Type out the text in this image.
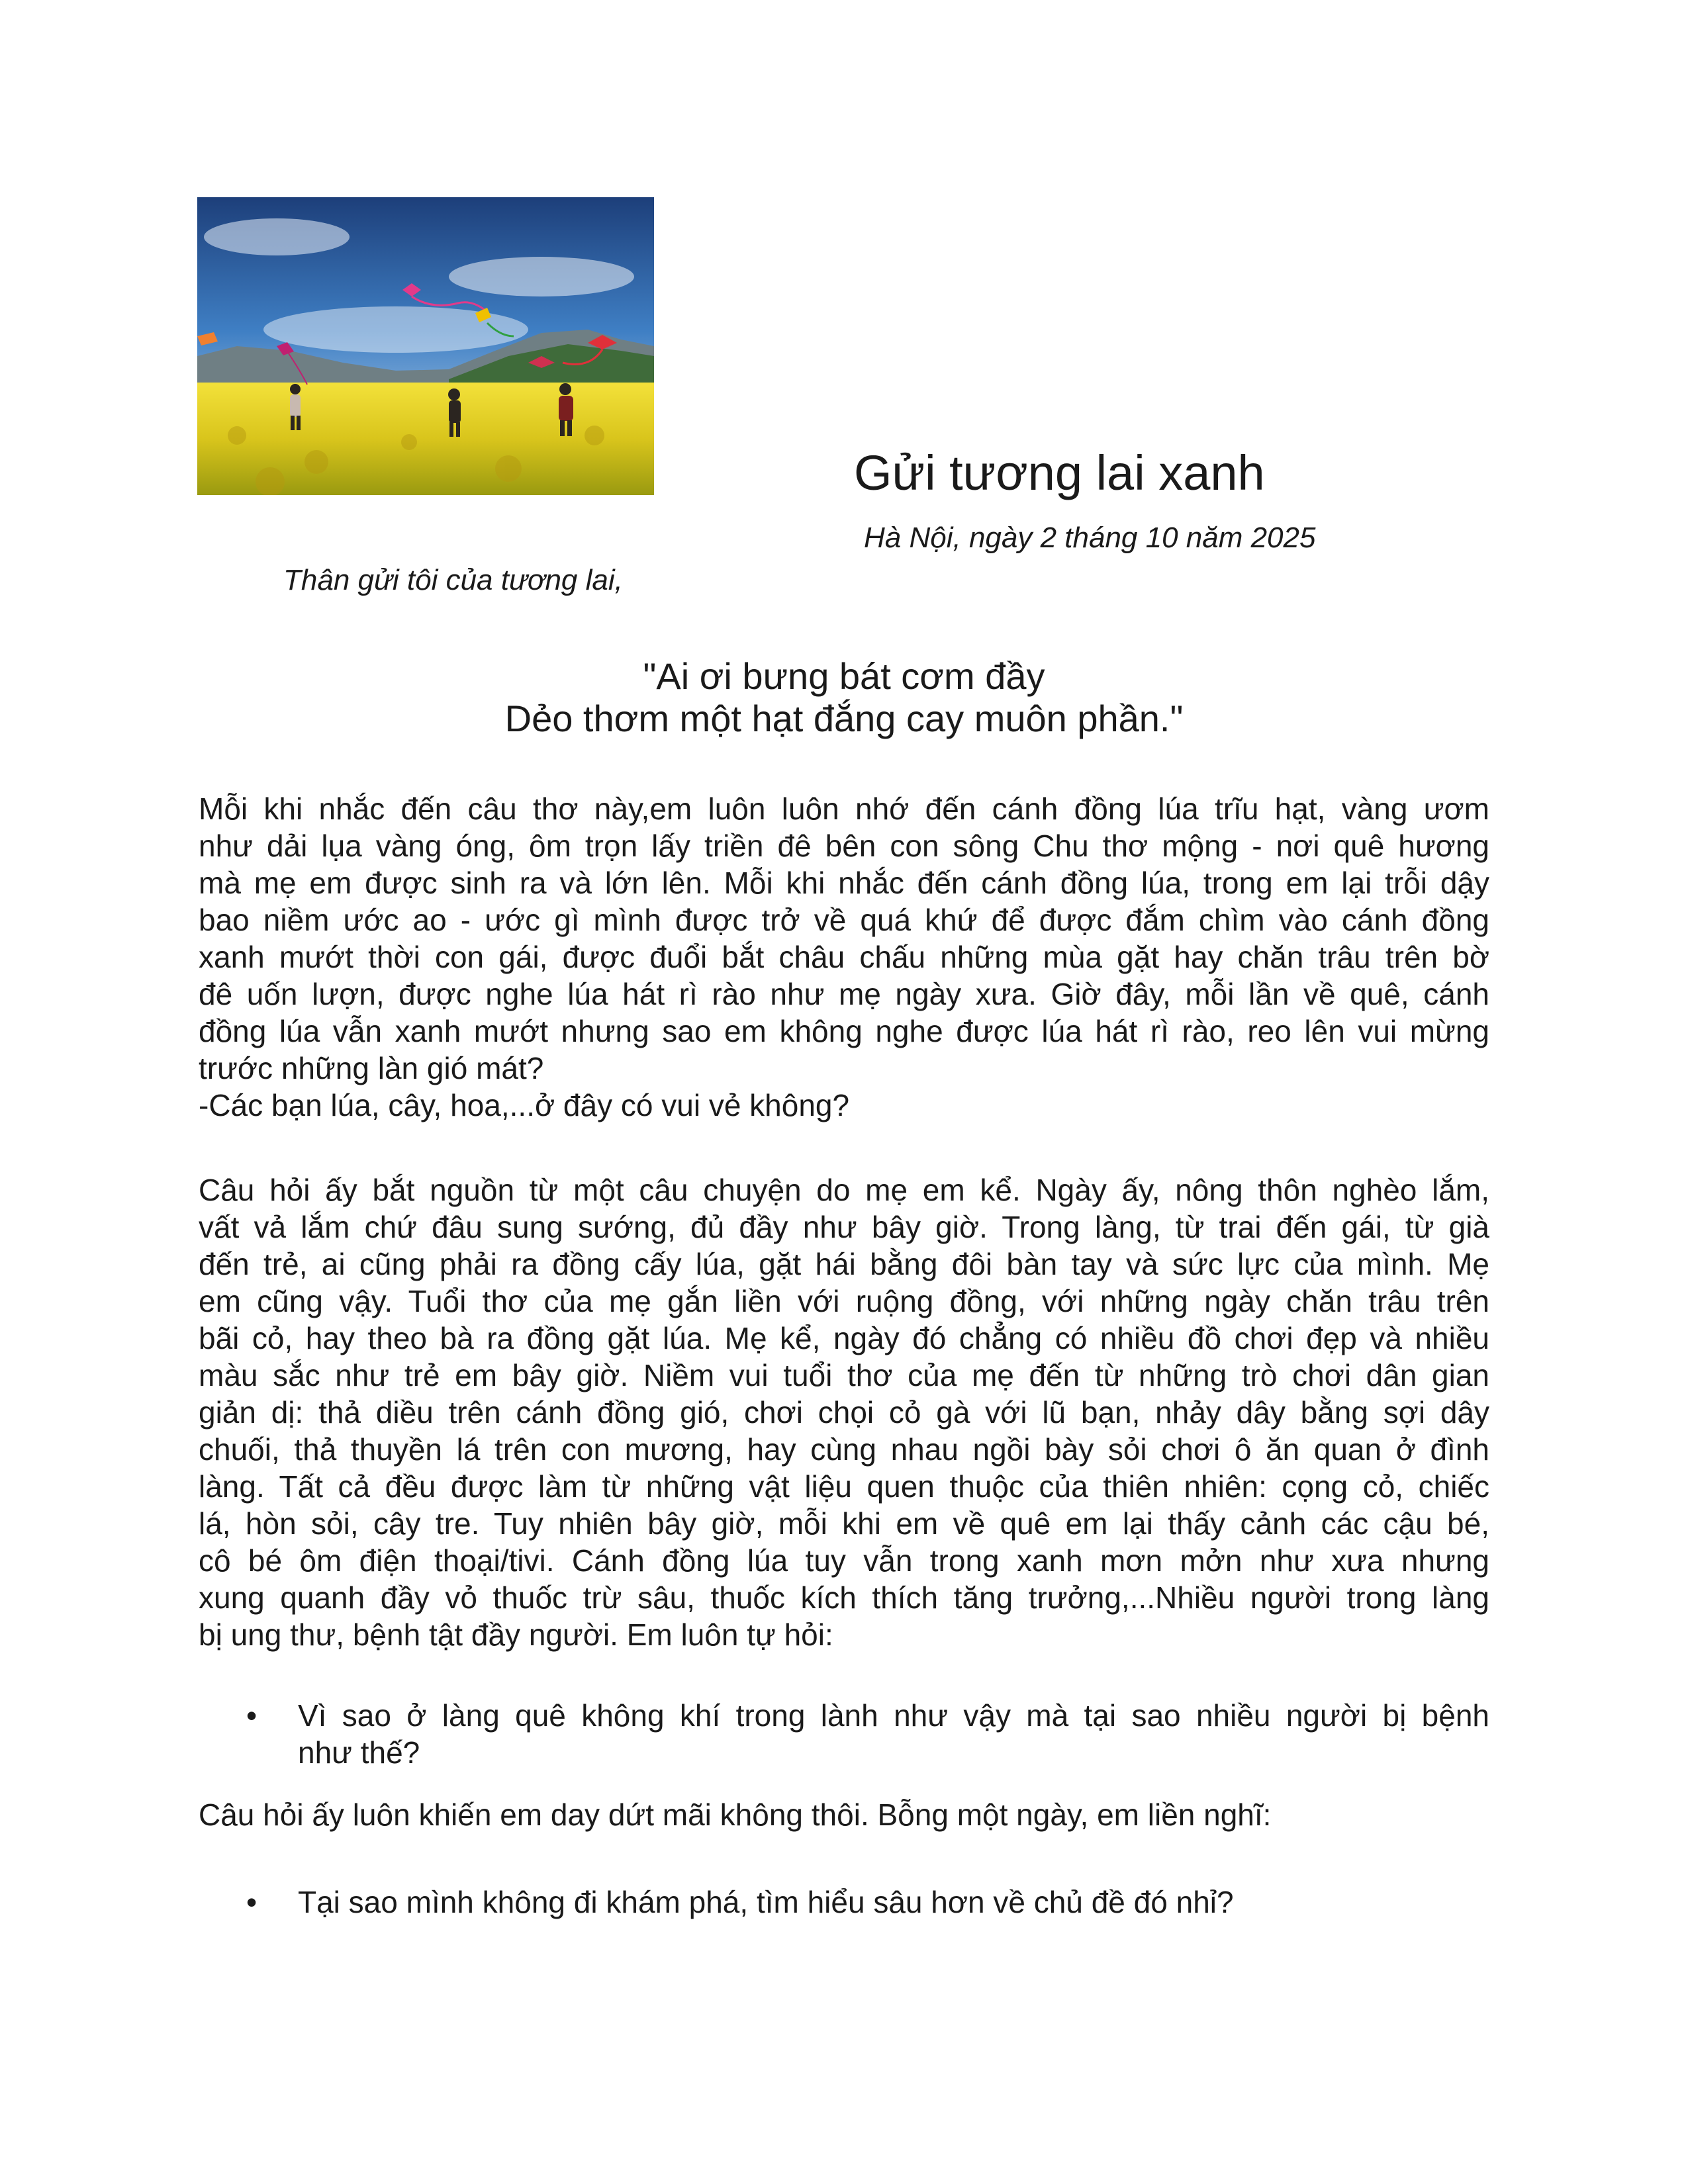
Gửi tương lai xanh
Hà Nội, ngày 2 tháng 10 năm 2025
Thân gửi tôi của tương lai,
"Ai ơi bưng bát cơm đầy
Dẻo thơm một hạt đắng cay muôn phần."
Mỗi khi nhắc đến câu thơ này,em luôn luôn nhớ đến cánh đồng lúa trĩu hạt, vàng ươm
như dải lụa vàng óng, ôm trọn lấy triền đê bên con sông Chu thơ mộng - nơi quê hương
mà mẹ em được sinh ra và lớn lên. Mỗi khi nhắc đến cánh đồng lúa, trong em lại trỗi dậy
bao niềm ước ao - ước gì mình được trở về quá khứ để được đắm chìm vào cánh đồng
xanh mướt thời con gái, được đuổi bắt châu chấu những mùa gặt hay chăn trâu trên bờ
đê uốn lượn, được nghe lúa hát rì rào như mẹ ngày xưa. Giờ đây, mỗi lần về quê, cánh
đồng lúa vẫn xanh mướt nhưng sao em không nghe được lúa hát rì rào, reo lên vui mừng
trước những làn gió mát?
-Các bạn lúa, cây, hoa,...ở đây có vui vẻ không?
Câu hỏi ấy bắt nguồn từ một câu chuyện do mẹ em kể. Ngày ấy, nông thôn nghèo lắm,
vất vả lắm chứ đâu sung sướng, đủ đầy như bây giờ. Trong làng, từ trai đến gái, từ già
đến trẻ, ai cũng phải ra đồng cấy lúa, gặt hái bằng đôi bàn tay và sức lực của mình. Mẹ
em cũng vậy. Tuổi thơ của mẹ gắn liền với ruộng đồng, với những ngày chăn trâu trên
bãi cỏ, hay theo bà ra đồng gặt lúa. Mẹ kể, ngày đó chẳng có nhiều đồ chơi đẹp và nhiều
màu sắc như trẻ em bây giờ. Niềm vui tuổi thơ của mẹ đến từ những trò chơi dân gian
giản dị: thả diều trên cánh đồng gió, chơi chọi cỏ gà với lũ bạn, nhảy dây bằng sợi dây
chuối, thả thuyền lá trên con mương, hay cùng nhau ngồi bày sỏi chơi ô ăn quan ở đình
làng. Tất cả đều được làm từ những vật liệu quen thuộc của thiên nhiên: cọng cỏ, chiếc
lá, hòn sỏi, cây tre. Tuy nhiên bây giờ, mỗi khi em về quê em lại thấy cảnh các cậu bé,
cô bé ôm điện thoại/tivi. Cánh đồng lúa tuy vẫn trong xanh mơn mởn như xưa nhưng
xung quanh đầy vỏ thuốc trừ sâu, thuốc kích thích tăng trưởng,...Nhiều người trong làng
bị ung thư, bệnh tật đầy người. Em luôn tự hỏi:
• Vì sao ở làng quê không khí trong lành như vậy mà tại sao nhiều người bị bệnh
như thế?
Câu hỏi ấy luôn khiến em day dứt mãi không thôi. Bỗng một ngày, em liền nghĩ:
• Tại sao mình không đi khám phá, tìm hiểu sâu hơn về chủ đề đó nhỉ?
